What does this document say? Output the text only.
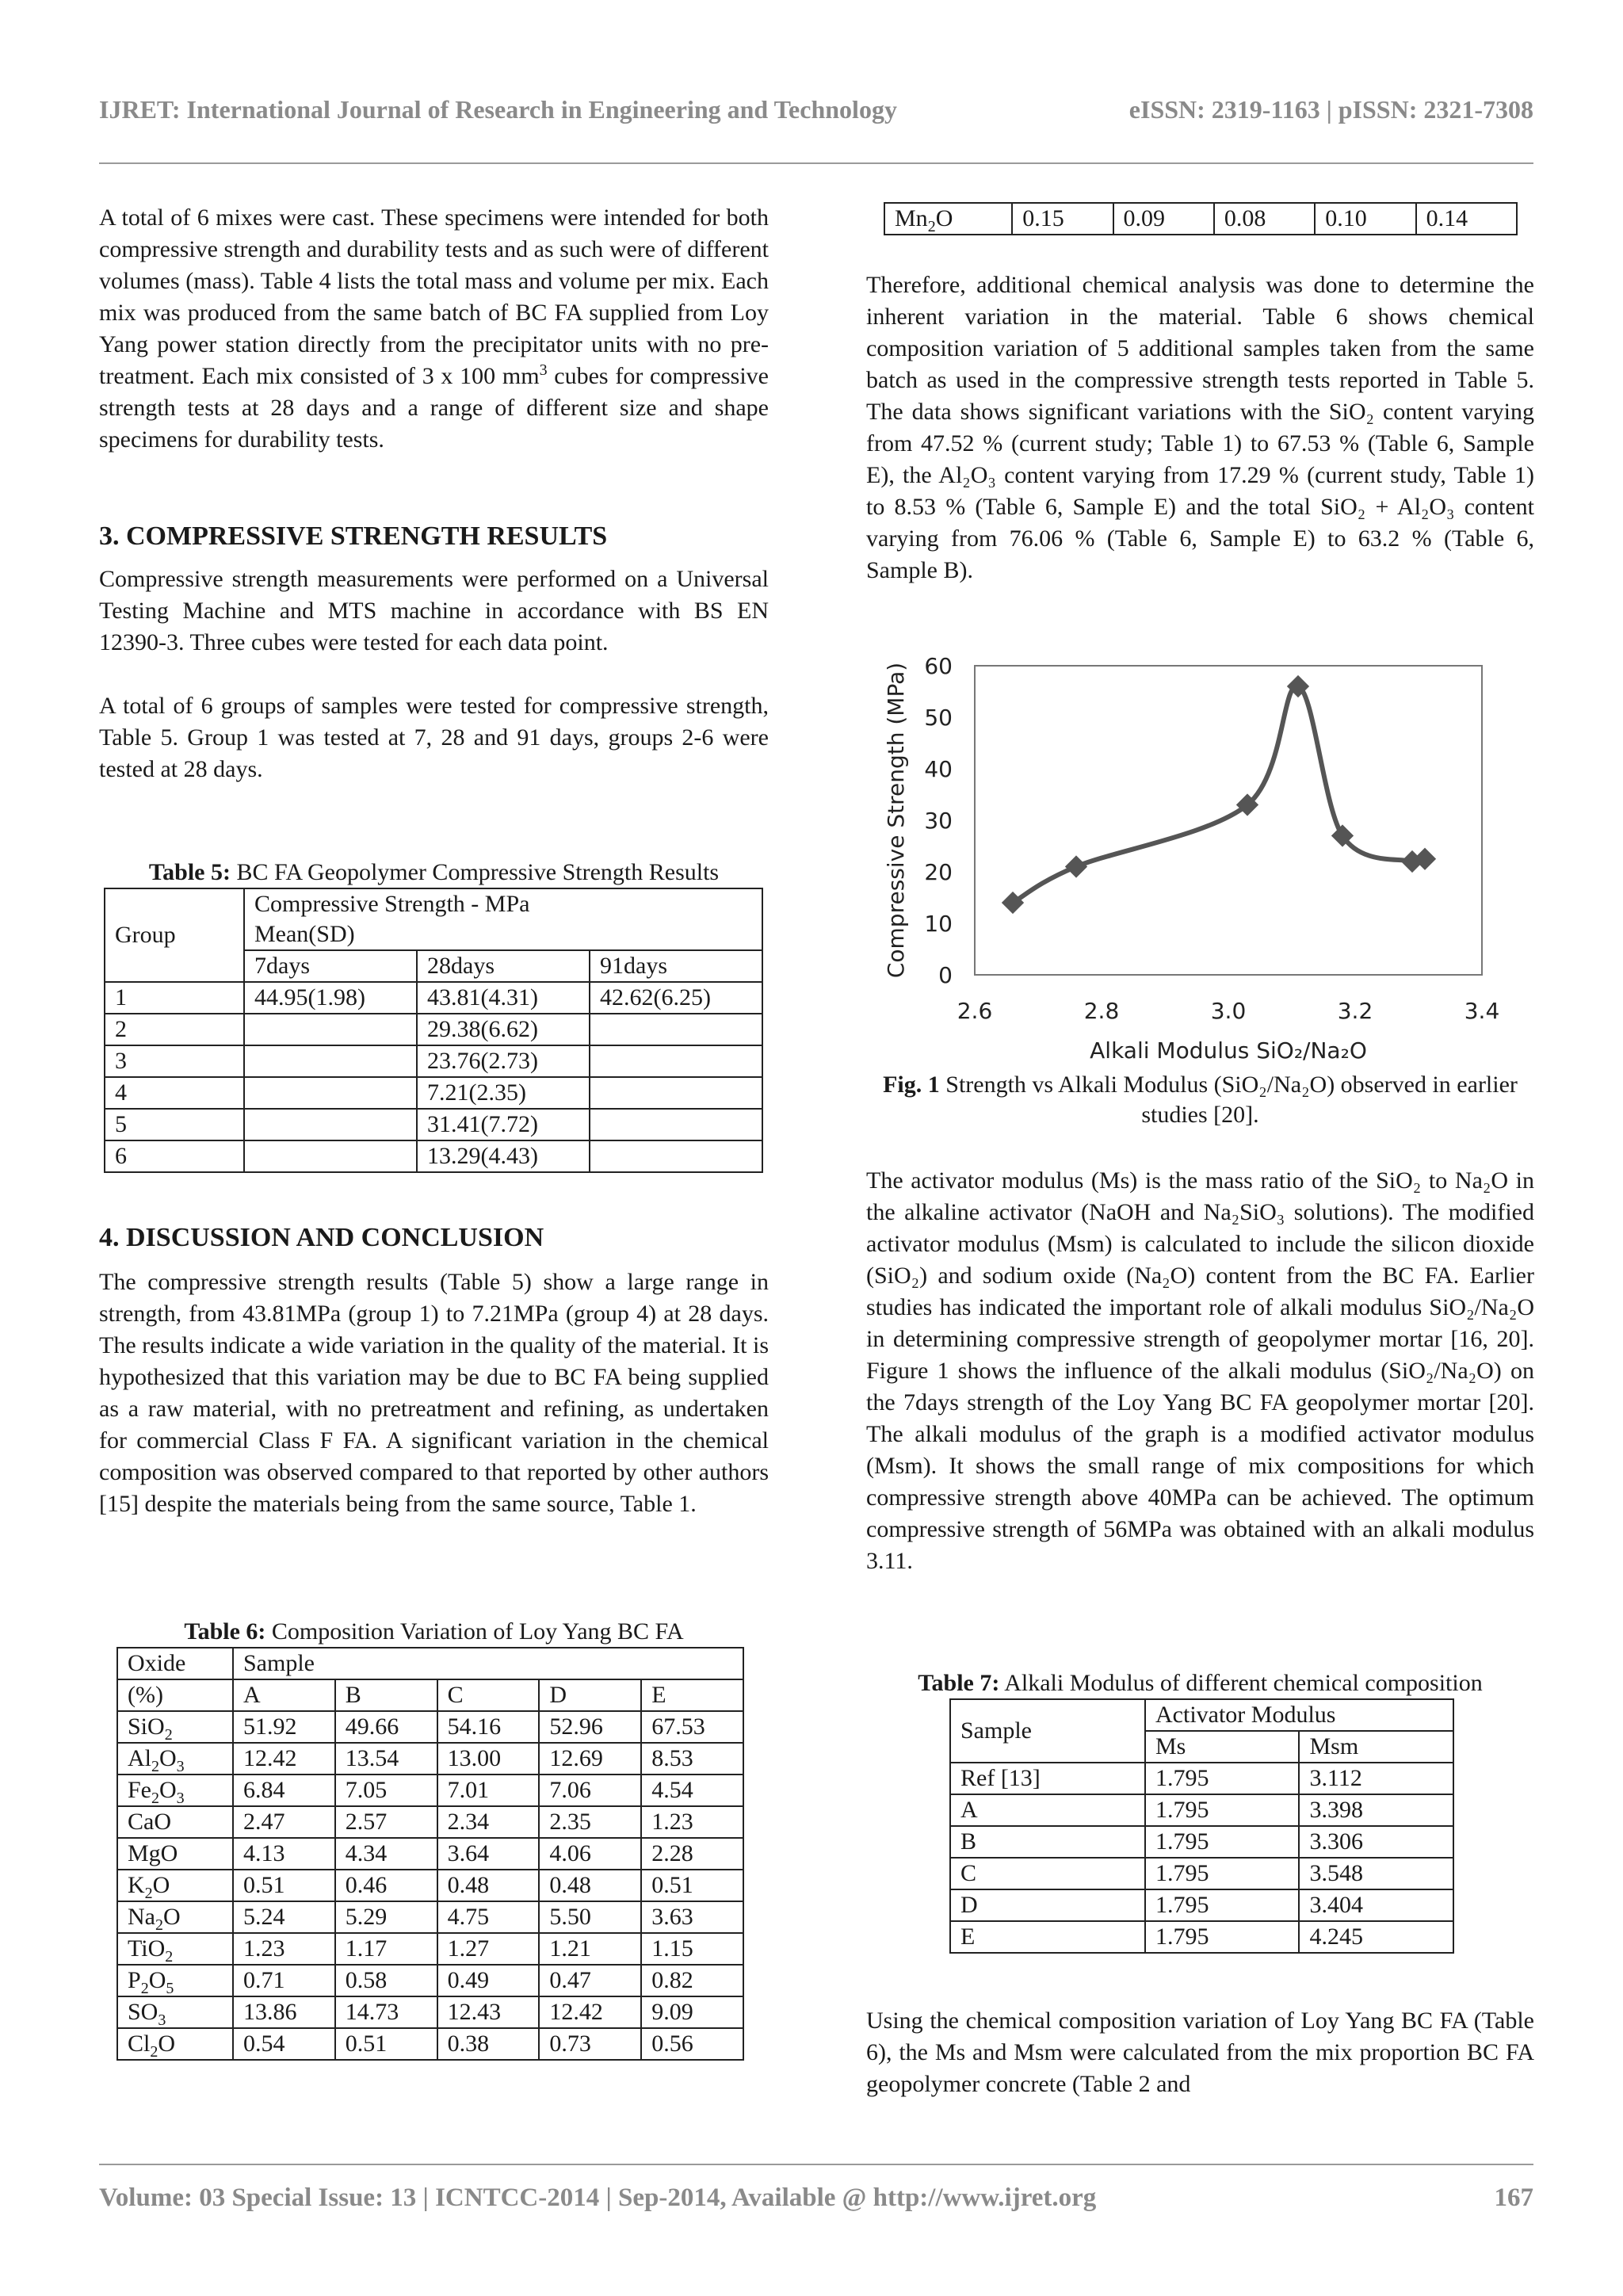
IJRET: International Journal of Research in Engineering and Technology	eISSN: 2319-1163 | pISSN: 2321-7308

A total of 6 mixes were cast. These specimens were intended for both compressive strength and durability tests and as such were of different volumes (mass). Table 4 lists the total mass and volume per mix. Each mix was produced from the same batch of BC FA supplied from Loy Yang power station directly from the precipitator units with no pre-treatment. Each mix consisted of 3 x 100 $mm^3$ cubes for compressive strength tests at 28 days and a range of different size and shape specimens for durability tests.

3. COMPRESSIVE STRENGTH RESULTS

Compressive strength measurements were performed on a Universal Testing Machine and MTS machine in accordance with BS EN 12390-3. Three cubes were tested for each data point.

A total of 6 groups of samples were tested for compressive strength, Table 5. Group 1 was tested at 7, 28 and 91 days, groups 2-6 were tested at 28 days.

Table 5: BC FA Geopolymer Compressive Strength Results
Group	Compressive Strength - MPa
Mean(SD)		
	7days	28days	91days
1	44.95(1.98)	43.81(4.31)	42.62(6.25)
2		29.38(6.62)	
3		23.76(2.73)	
4		7.21(2.35)	
5		31.41(7.72)	
6		13.29(4.43)	
4. DISCUSSION AND CONCLUSION

The compressive strength results (Table 5) show a large range in strength, from 43.81MPa (group 1) to 7.21MPa (group 4) at 28 days. The results indicate a wide variation in the quality of the material. It is hypothesized that this variation may be due to BC FA being supplied as a raw material, with no pretreatment and refining, as undertaken for commercial Class F FA. A significant variation in the chemical composition was observed compared to that reported by other authors [15] despite the materials being from the same source, Table 1.

Table 6: Composition Variation of Loy Yang BC FA
Oxide	Sample				
(%)	A	B	C	D	E
SiO$_2$	51.92	49.66	54.16	52.96	67.53
$Al_2O_3$	12.42	13.54	13.00	12.69	8.53
$Fe_2O_3$	6.84	7.05	7.01	7.06	4.54
CaO	2.47	2.57	2.34	2.35	1.23
MgO	4.13	4.34	3.64	4.06	2.28
$K_2O$	0.51	0.46	0.48	0.48	0.51
$Na_2O$	5.24	5.29	4.75	5.50	3.63
TiO$_2$	1.23	1.17	1.27	1.21	1.15
$P_2O_5$	0.71	0.58	0.49	0.47	0.82
$SO_3$	13.86	14.73	12.43	12.42	9.09
$Cl_2O$	0.54	0.51	0.38	0.73	0.56
$Mn_2O$	0.15	0.09	0.08	0.10	0.14

Therefore, additional chemical analysis was done to determine the inherent variation in the material. Table 6 shows chemical composition variation of 5 additional samples taken from the same batch as used in the compressive strength tests reported in Table 5. The data shows significant variations with the SiO₂ content varying from 47.52 % (current study; Table 1) to 67.53 % (Table 6, Sample E), the Al₂O₃ content varying from 17.29 % (current study, Table 1) to 8.53 % (Table 6, Sample E) and the total SiO₂ + Al₂O₃ content varying from 76.06 % (Table 6, Sample E) to 63.2 % (Table 6, Sample B).

0
10
20
30
40
50
60
2.6	2.8	3.0	3.2	3.4
Alkali Modulus SiO₂/Na₂O
Compressive Strength (MPa)
Fig. 1 Strength vs Alkali Modulus (SiO₂/Na₂O) observed in earlier studies [20].

The activator modulus (Ms) is the mass ratio of the SiO₂ to Na₂O in the alkaline activator (NaOH and Na₂SiO₃ solutions). The modified activator modulus (Msm) is calculated to include the silicon dioxide (SiO₂) and sodium oxide (Na₂O) content from the BC FA. Earlier studies has indicated the important role of alkali modulus SiO₂/Na₂O in determining compressive strength of geopolymer mortar [16, 20]. Figure 1 shows the influence of the alkali modulus (SiO₂/Na₂O) on the 7days strength of the Loy Yang BC FA geopolymer mortar [20]. The alkali modulus of the graph is a modified activator modulus (Msm). It shows the small range of mix compositions for which compressive strength above 40MPa can be achieved. The optimum compressive strength of 56MPa was obtained with an alkali modulus 3.11.

Table 7: Alkali Modulus of different chemical composition
Sample	Activator Modulus	
	Ms	Msm
Ref [13]	1.795	3.112
A	1.795	3.398
B	1.795	3.306
C	1.795	3.548
D	1.795	3.404
E	1.795	4.245

Using the chemical composition variation of Loy Yang BC FA (Table 6), the Ms and Msm were calculated from the mix proportion BC FA geopolymer concrete (Table 2 and

Volume: 03 Special Issue: 13 | ICNTCC-2014 | Sep-2014, Available @ http://www.ijret.org	167
